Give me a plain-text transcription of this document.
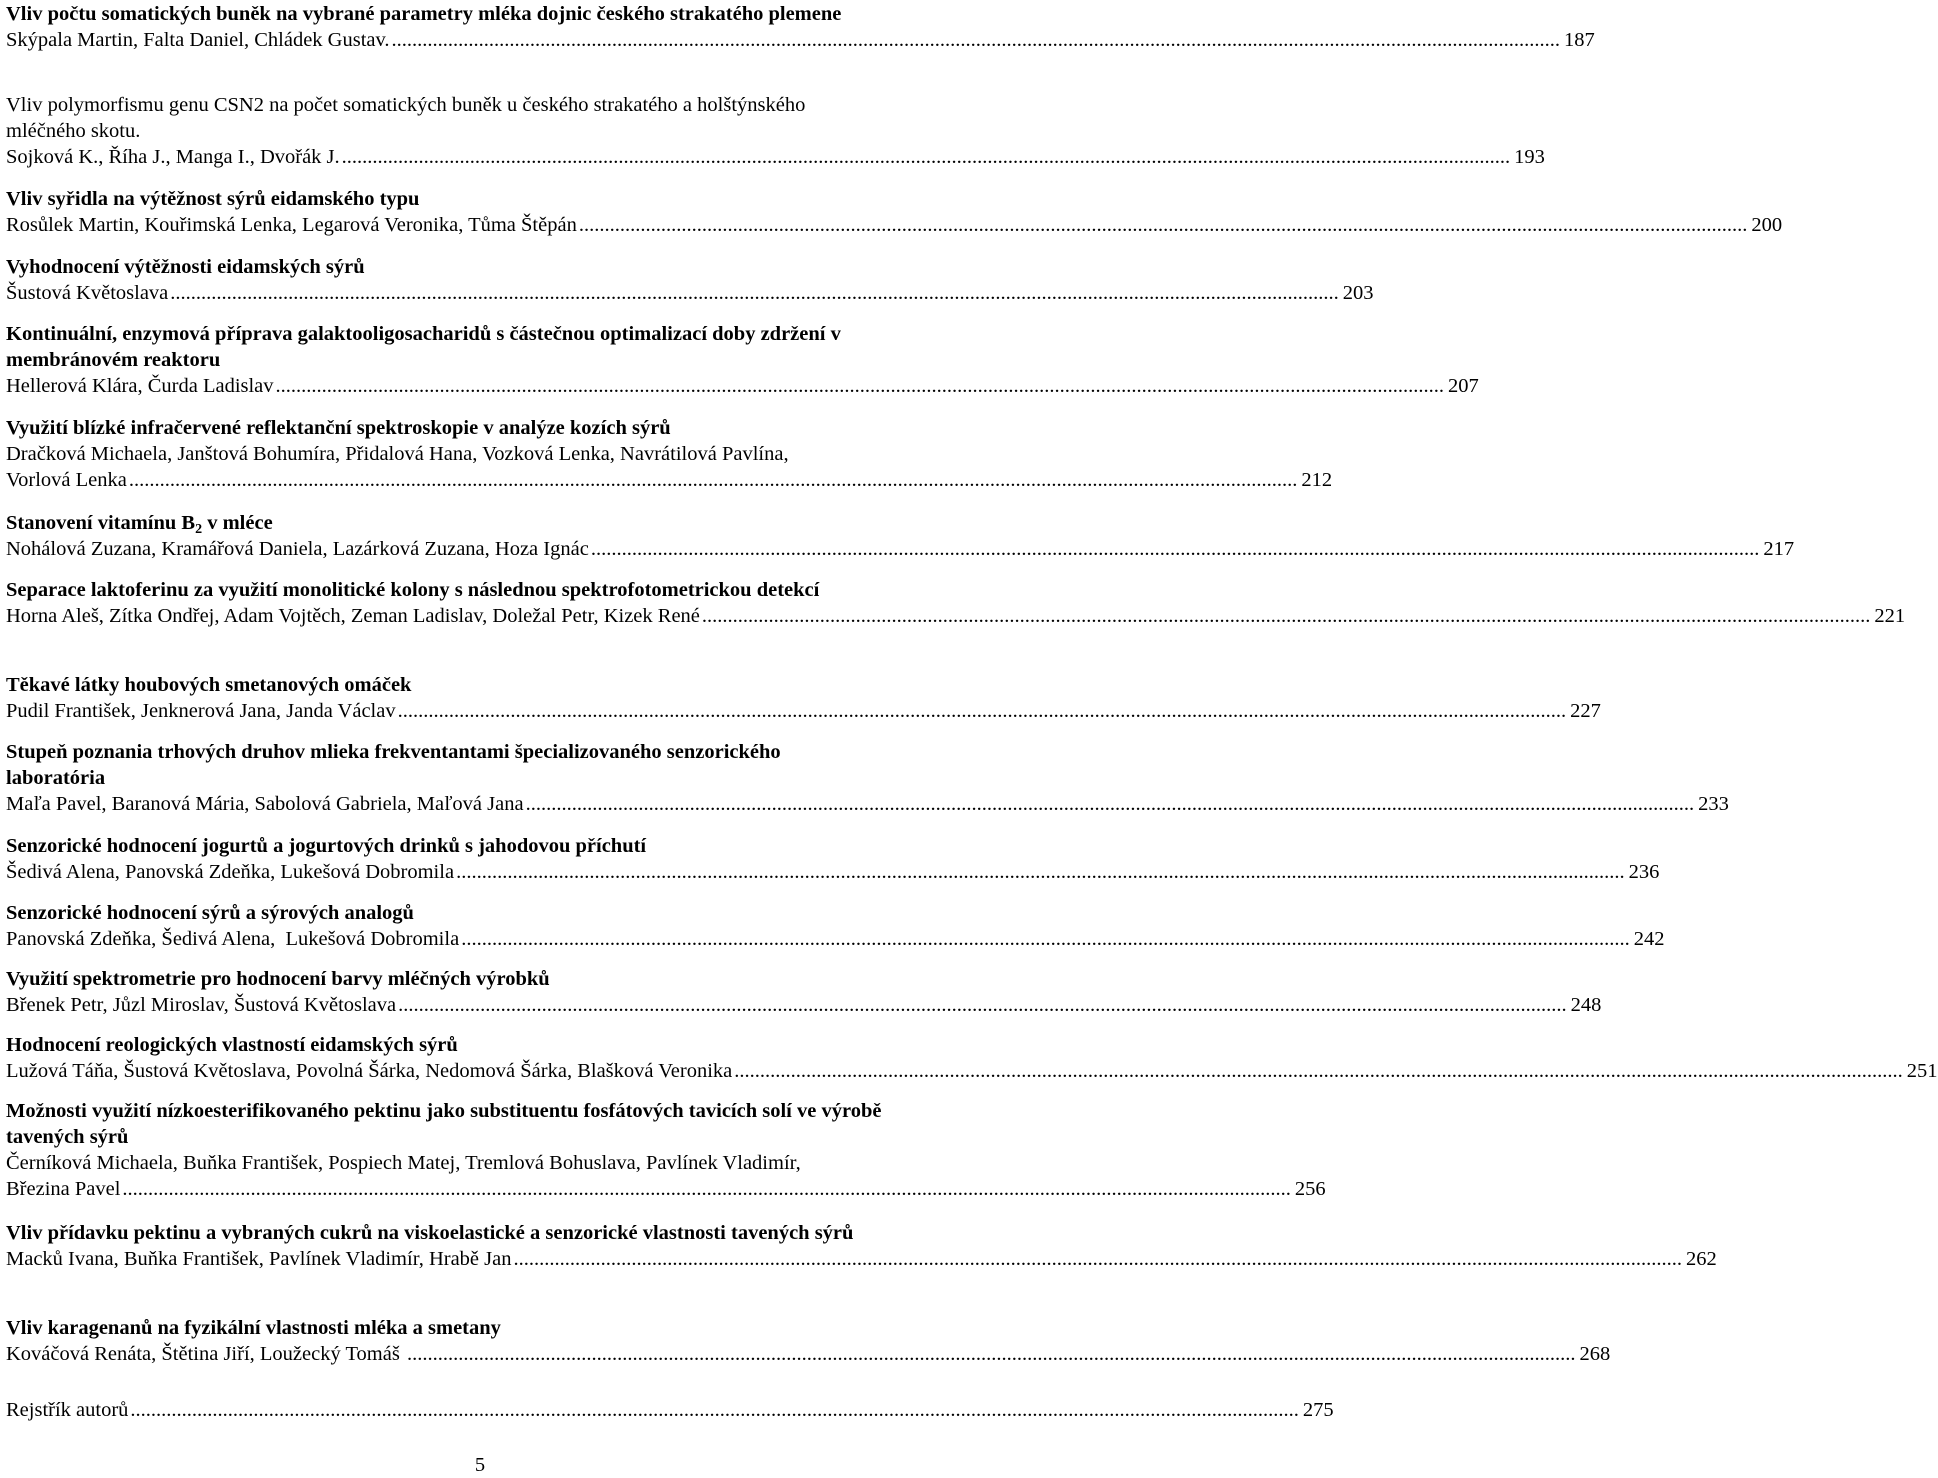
Vliv počtu somatických buněk na vybrané parametry mléka dojnic českého strakatého plemene
Skýpala Martin, Falta Daniel, Chládek Gustav. .....	187
Vliv polymorfismu genu CSN2 na počet somatických buněk u českého strakatého a holštýnského mléčného skotu.
Sojková K., Říha J., Manga I., Dvořák J. .....	193
Vliv syřidla na výtěžnost sýrů eidamského typu
Rosůlek Martin, Kouřimská Lenka, Legarová Veronika, Tůma Štěpán .....	200
Vyhodnocení výtěžnosti eidamských sýrů
Šustová Květoslava .....	203
Kontinuální, enzymová příprava galaktooligosacharidů s částečnou optimalizací doby zdržení v membránovém reaktoru
Hellerová Klára, Čurda Ladislav .....	207
Využití blízké infračervené reflektanční spektroskopie v analýze kozích sýrů
Dračková Michaela, Janštová Bohumíra, Přidalová Hana, Vozková Lenka, Navrátilová Pavlína,
Vorlová Lenka .....	212
Stanovení vitamínu $B_2$ v mléce
Nohálová Zuzana, Kramářová Daniela, Lazárková Zuzana, Hoza Ignác .....	217
Separace laktoferinu za využití monolitické kolony s následnou spektrofotometrickou detekcí
Horna Aleš, Zítka Ondřej, Adam Vojtěch, Zeman Ladislav, Doležal Petr, Kizek René .....	221
Těkavé látky houbových smetanových omáček
Pudil František, Jenknerová Jana, Janda Václav .....	227
Stupeň poznania trhových druhov mlieka frekventantami špecializovaného senzorického laboratória
Maľa Pavel, Baranová Mária, Sabolová Gabriela, Maľová Jana .....	233
Senzorické hodnocení jogurtů a jogurtových drinků s jahodovou příchutí
Šedivá Alena, Panovská Zdeňka, Lukešová Dobromila .....	236
Senzorické hodnocení sýrů a sýrových analogů
Panovská Zdeňka, Šedivá Alena,  Lukešová Dobromila .....	242
Využití spektrometrie pro hodnocení barvy mléčných výrobků
Břenek Petr, Jůzl Miroslav, Šustová Květoslava .....	248
Hodnocení reologických vlastností eidamských sýrů
Lužová Táňa, Šustová Květoslava, Povolná Šárka, Nedomová Šárka, Blašková Veronika .....	251
Možnosti využití nízkoesterifikovaného pektinu jako substituentu fosfátových tavicích solí ve výrobě tavených sýrů
Černíková Michaela, Buňka František, Pospiech Matej, Tremlová Bohuslava, Pavlínek Vladimír,
Březina Pavel .....	256
Vliv přídavku pektinu a vybraných cukrů na viskoelastické a senzorické vlastnosti tavených sýrů
Macků Ivana, Buňka František, Pavlínek Vladimír, Hrabě Jan .....	262
Vliv karagenanů na fyzikální vlastnosti mléka a smetany
Kováčová Renáta, Štětina Jiří, Loužecký Tomáš .....	268
Rejstřík autorů .....	275
5
